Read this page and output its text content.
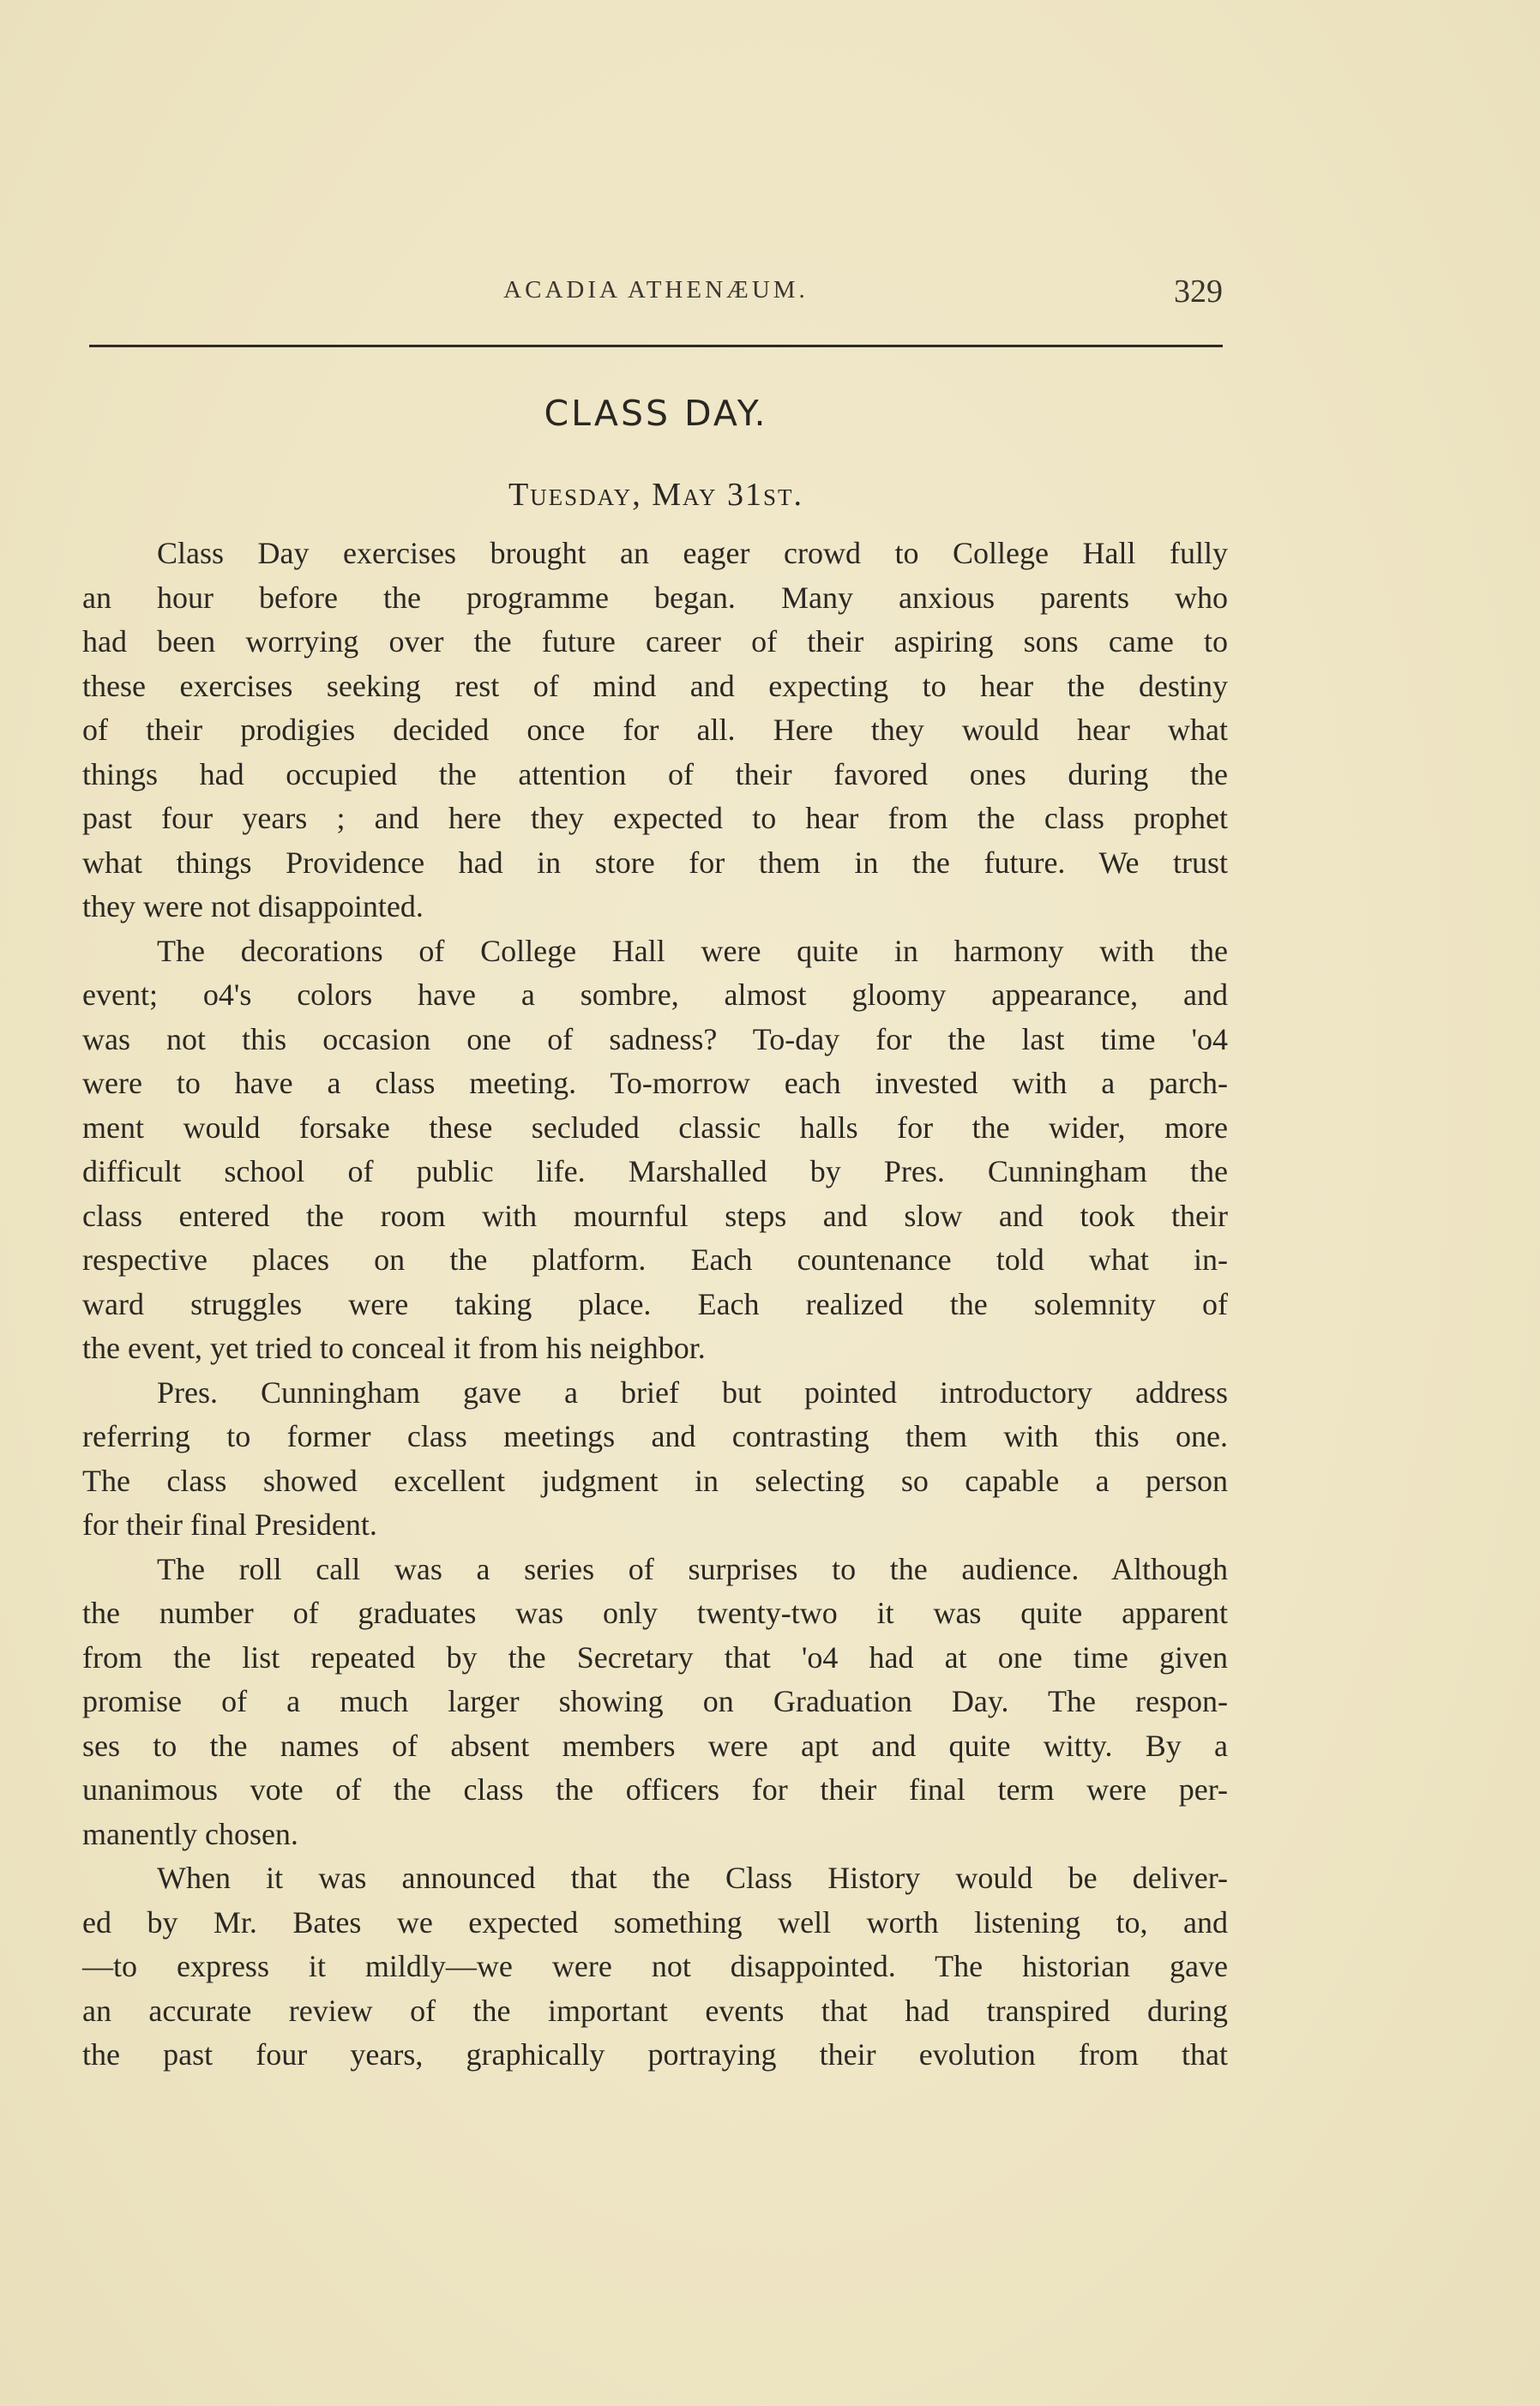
ACADIA ATHENÆUM.	329
CLASS DAY.
Tuesday, May 31st.
Class Day exercises brought an eager crowd to College Hall fully
an hour before the programme began. Many anxious parents who
had been worrying over the future career of their aspiring sons came to
these exercises seeking rest of mind and expecting to hear the destiny
of their prodigies decided once for all. Here they would hear what
things had occupied the attention of their favored ones during the
past four years ; and here they expected to hear from the class prophet
what things Providence had in store for them in the future. We trust
they were not disappointed.
The decorations of College Hall were quite in harmony with the
event; o4's colors have a sombre, almost gloomy appearance, and
was not this occasion one of sadness? To-day for the last time 'o4
were to have a class meeting. To-morrow each invested with a parch-
ment would forsake these secluded classic halls for the wider, more
difficult school of public life. Marshalled by Pres. Cunningham the
class entered the room with mournful steps and slow and took their
respective places on the platform. Each countenance told what in-
ward struggles were taking place. Each realized the solemnity of
the event, yet tried to conceal it from his neighbor.
Pres. Cunningham gave a brief but pointed introductory address
referring to former class meetings and contrasting them with this one.
The class showed excellent judgment in selecting so capable a person
for their final President.
The roll call was a series of surprises to the audience. Although
the number of graduates was only twenty-two it was quite apparent
from the list repeated by the Secretary that 'o4 had at one time given
promise of a much larger showing on Graduation Day. The respon-
ses to the names of absent members were apt and quite witty. By a
unanimous vote of the class the officers for their final term were per-
manently chosen.
When it was announced that the Class History would be deliver-
ed by Mr. Bates we expected something well worth listening to, and
—to express it mildly—we were not disappointed. The historian gave
an accurate review of the important events that had transpired during
the past four years, graphically portraying their evolution from that
